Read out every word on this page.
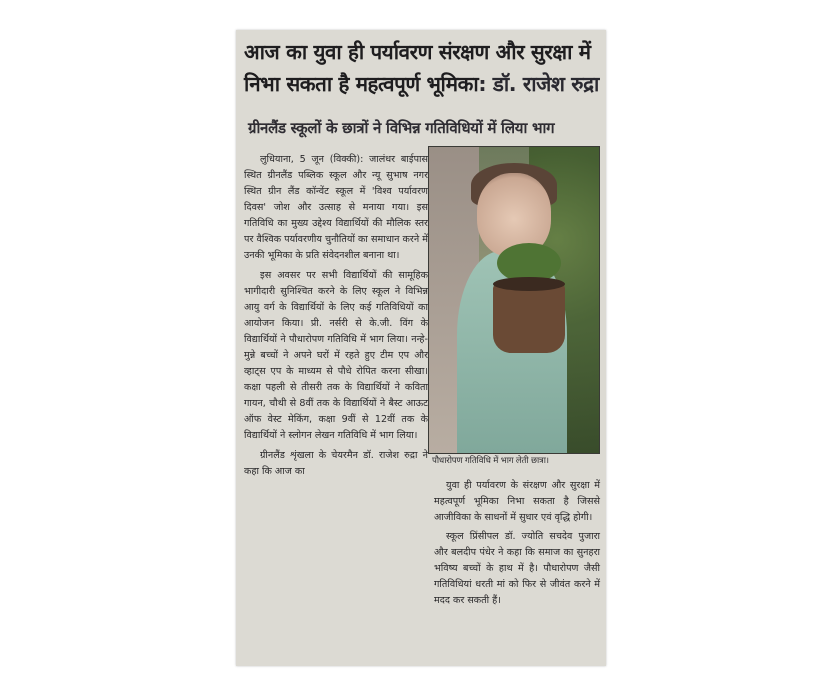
आज का युवा ही पर्यावरण संरक्षण और सुरक्षा में
निभा सकता है महत्वपूर्ण भूमिका: डॉ. राजेश रुद्रा
ग्रीनलैंड स्कूलों के छात्रों ने विभिन्न गतिविधियों में लिया भाग

लुधियाना, 5 जून (विक्की): जालंधर बाईपास स्थित ग्रीनलैंड पब्लिक स्कूल और न्यू सुभाष नगर स्थित ग्रीन लैंड कॉन्वेंट स्कूल में 'विश्व पर्यावरण दिवस' जोश और उत्साह से मनाया गया। इस गतिविधि का मुख्य उद्देश्य विद्यार्थियों की मौलिक स्तर पर वैश्विक पर्यावरणीय चुनौतियों का समाधान करने में उनकी भूमिका के प्रति संवेदनशील बनाना था।

इस अवसर पर सभी विद्यार्थियों की सामूहिक भागीदारी सुनिश्चित करने के लिए स्कूल ने विभिन्न आयु वर्ग के विद्यार्थियों के लिए कई गतिविधियों का आयोजन किया। प्री. नर्सरी से के.जी. विंग के विद्यार्थियों ने पौधारोपण गतिविधि में भाग लिया। नन्हे-मुन्ने बच्चों ने अपने घरों में रहते हुए टीम एप और व्हाट्स एप के माध्यम से पौधे रोपित करना सीखा। कक्षा पहली से तीसरी तक के विद्यार्थियों ने कविता गायन, चौथी से 8वीं तक के विद्यार्थियों ने बैस्ट आऊट ऑफ वेस्ट मेकिंग, कक्षा 9वीं से 12वीं तक के विद्यार्थियों ने स्लोगन लेखन गतिविधि में भाग लिया।

ग्रीनलैंड शृंखला के चेयरमैन डॉ. राजेश रुद्रा ने कहा कि आज का

पौधारोपण गतिविधि में भाग लेती छात्रा।

युवा ही पर्यावरण के संरक्षण और सुरक्षा में महत्वपूर्ण भूमिका निभा सकता है जिससे आजीविका के साधनों में सुधार एवं वृद्धि होगी।

स्कूल प्रिंसीपल डॉ. ज्योति सचदेव पुजारा और बलदीप पंधेर ने कहा कि समाज का सुनहरा भविष्य बच्चों के हाथ में है। पौधारोपण जैसी गतिविधियां धरती मां को फिर से जीवंत करने में मदद कर सकती हैं।
